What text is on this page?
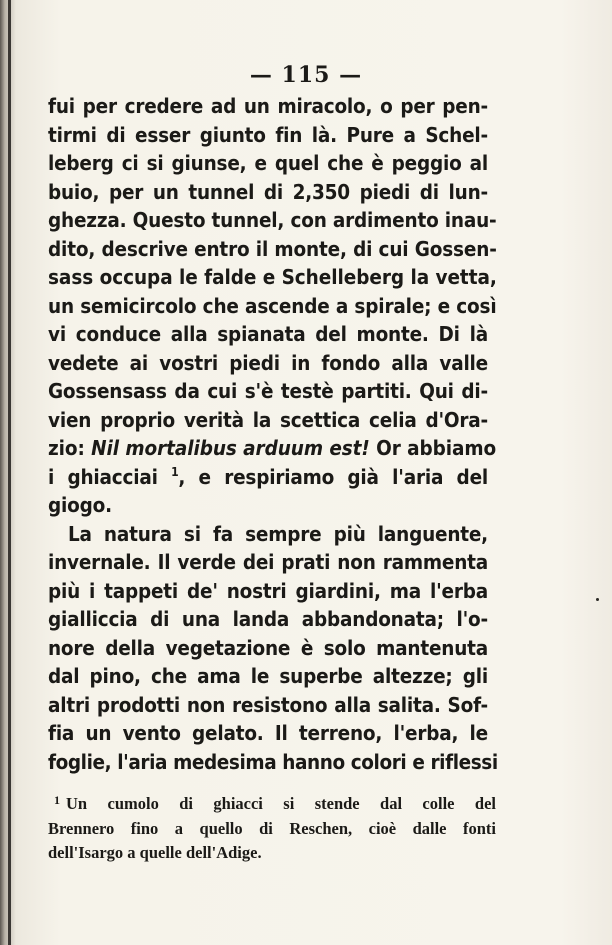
— 115 —
fui per credere ad un miracolo, o per pen-
tirmi di esser giunto fin là. Pure a Schel-
leberg ci si giunse, e quel che è peggio al
buio, per un tunnel di 2,350 piedi di lun-
ghezza. Questo tunnel, con ardimento inau-
dito, descrive entro il monte, di cui Gossen-
sass occupa le falde e Schelleberg la vetta,
un semicircolo che ascende a spirale; e così
vi conduce alla spianata del monte. Di là
vedete ai vostri piedi in fondo alla valle
Gossensass da cui s'è testè partiti. Qui di-
vien proprio verità la scettica celia d'Ora-
zio: Nil mortalibus arduum est! Or abbiamo
i ghiacciai $^1$, e respiriamo già l'aria del
giogo.
La natura si fa sempre più languente,
invernale. Il verde dei prati non rammenta
più i tappeti de' nostri giardini, ma l'erba
gialliccia di una landa abbandonata; l'o-
nore della vegetazione è solo mantenuta
dal pino, che ama le superbe altezze; gli
altri prodotti non resistono alla salita. Sof-
fia un vento gelato. Il terreno, l'erba, le
foglie, l'aria medesima hanno colori e riflessi
$^1$ Un cumolo di ghiacci si stende dal colle del
Brennero fino a quello di Reschen, cioè dalle fonti
dell'Isargo a quelle dell'Adige.
